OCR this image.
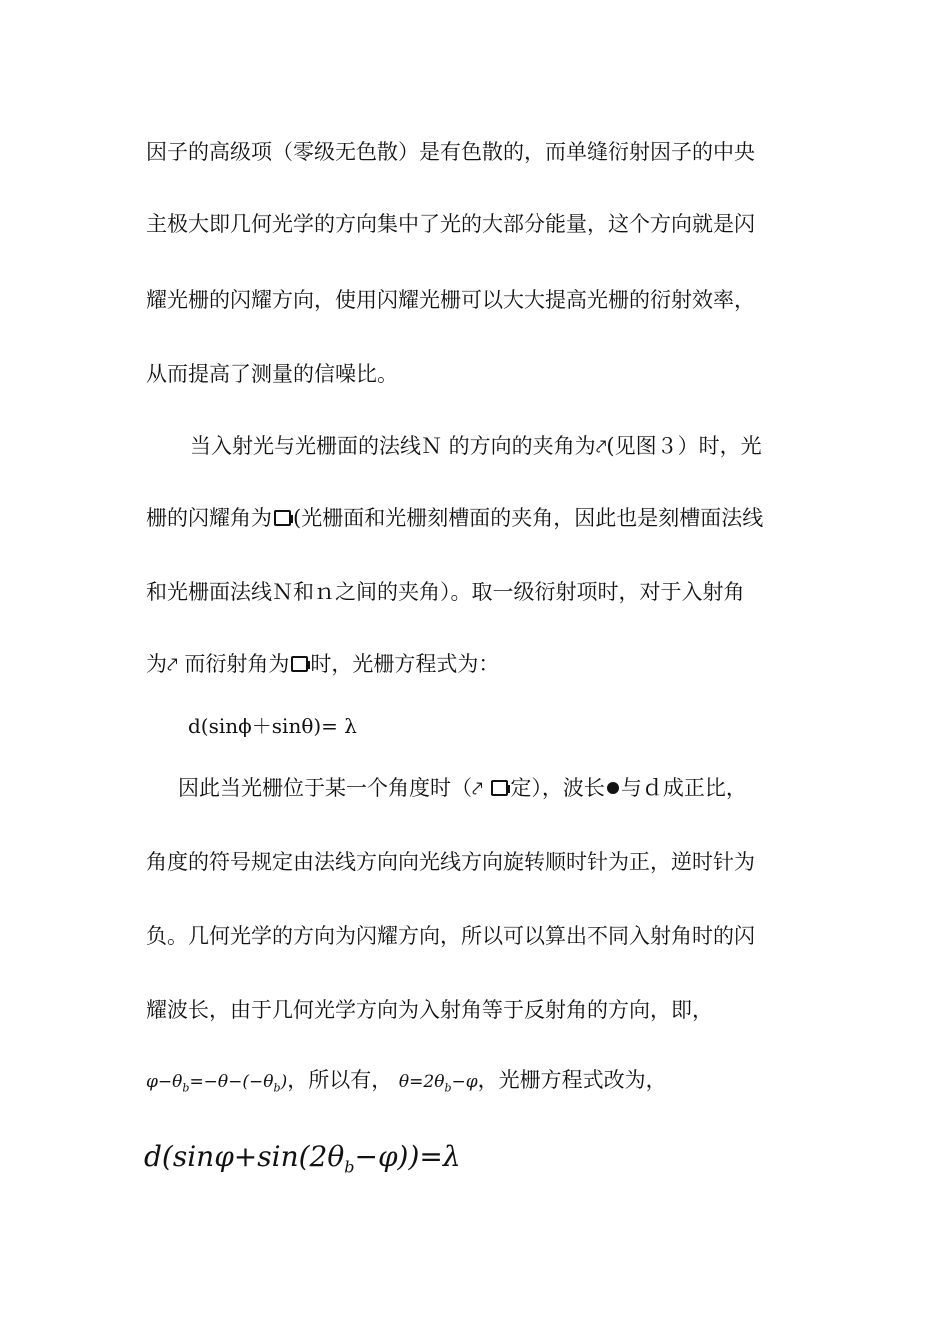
因子的高级项（零级无色散）是有色散的，而单缝衍射因子的中央
主极大即几何光学的方向集中了光的大部分能量，这个方向就是闪
耀光栅的闪耀方向，使用闪耀光栅可以大大提高光栅的衍射效率，
从而提高了测量的信噪比。
当入射光与光栅面的法线Ｎ 的方向的夹角为⤤(见图３）时，光
栅的闪耀角为 (光栅面和光栅刻槽面的夹角，因此也是刻槽面法线
和光栅面法线Ｎ和ｎ之间的夹角）。取一级衍射项时，对于入射角
为⤤ 而衍射角为 时，光栅方程式为：
d(sinϕ＋sinθ)= λ
因此当光栅位于某一个角度时（⤤ 定），波长 与ｄ成正比，
角度的符号规定由法线方向向光线方向旋转顺时针为正，逆时针为
负。几何光学的方向为闪耀方向，所以可以算出不同入射角时的闪
耀波长，由于几何光学方向为入射角等于反射角的方向，即，
$\varphi-\theta_b=-\theta-(-\theta_b)$，所以有， $\theta=2\theta_b-\varphi$，光栅方程式改为，
$d(\sin\varphi+\sin(2\theta_b-\varphi))=\lambda$
